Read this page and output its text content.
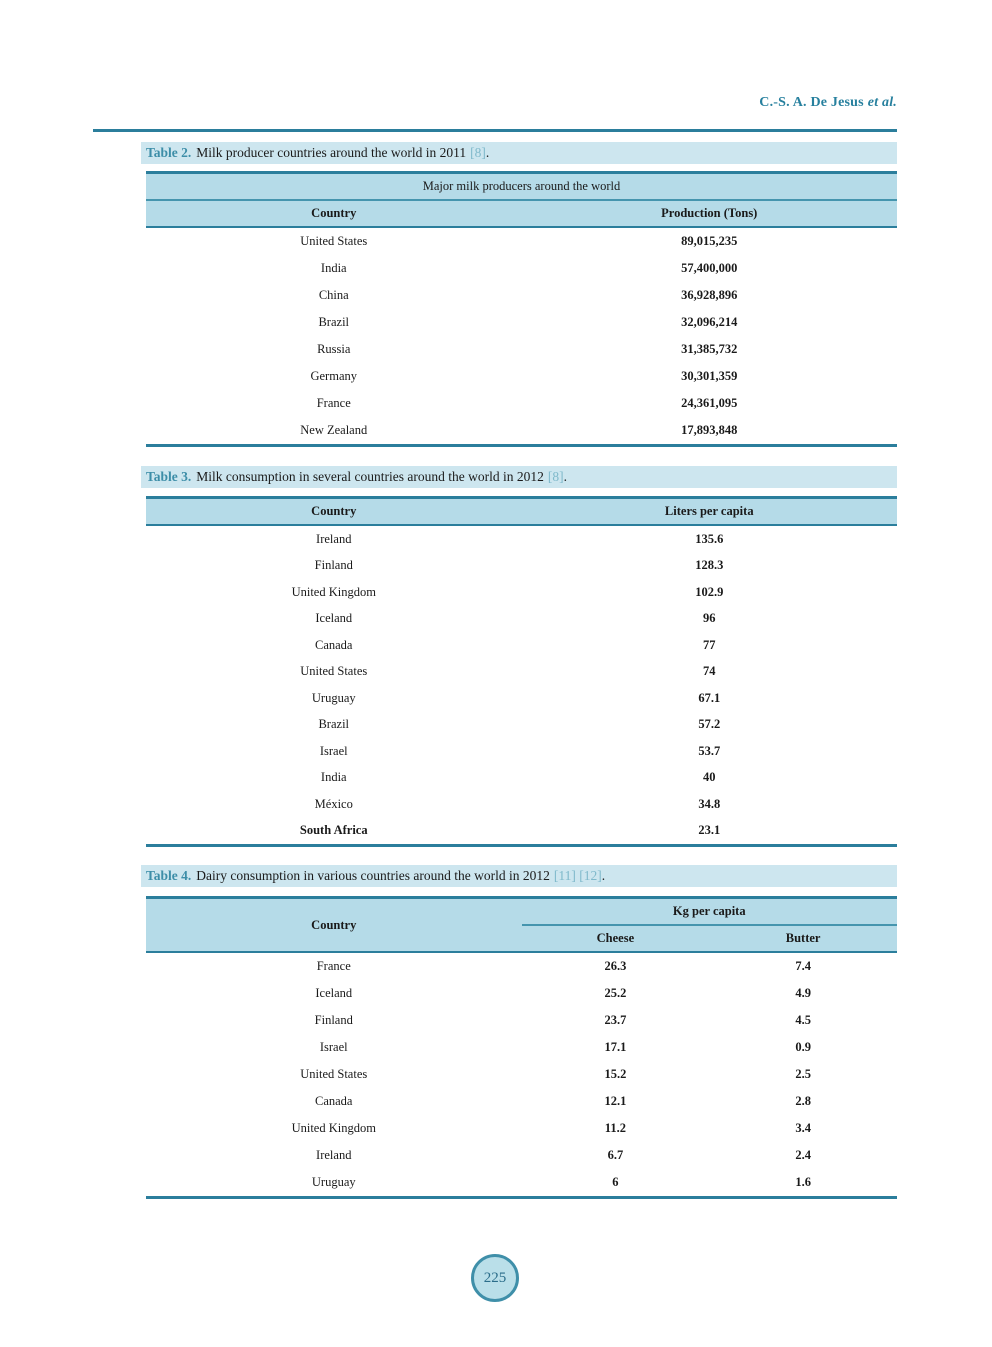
C.-S. A. De Jesus et al.
Table 2. Milk producer countries around the world in 2011 [8].
Major milk producers around the world
Country	Production (Tons)
United States	89,015,235
India	57,400,000
China	36,928,896
Brazil	32,096,214
Russia	31,385,732
Germany	30,301,359
France	24,361,095
New Zealand	17,893,848
Table 3. Milk consumption in several countries around the world in 2012 [8].
Country	Liters per capita
Ireland	135.6
Finland	128.3
United Kingdom	102.9
Iceland	96
Canada	77
United States	74
Uruguay	67.1
Brazil	57.2
Israel	53.7
India	40
México	34.8
South Africa	23.1
Table 4. Dairy consumption in various countries around the world in 2012 [11] [12].
Country
Kg per capita
Cheese	Butter
France	26.3	7.4
Iceland	25.2	4.9
Finland	23.7	4.5
Israel	17.1	0.9
United States	15.2	2.5
Canada	12.1	2.8
United Kingdom	11.2	3.4
Ireland	6.7	2.4
Uruguay	6	1.6
225
